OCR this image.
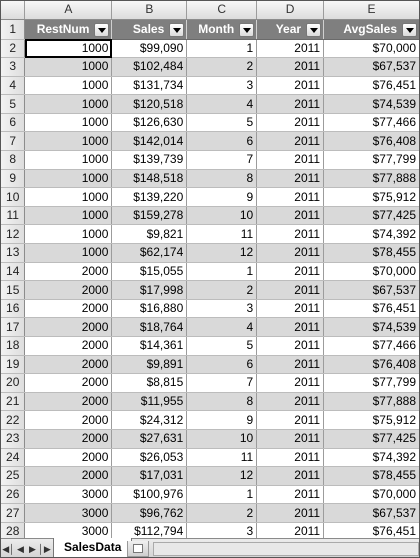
	A	B	C	D	E
1	RestNum	Sales	Month	Year	AvgSales

2	1000	$99,090	1	2011	$70,000
3	1000	$102,484	2	2011	$67,537
4	1000	$131,734	3	2011	$76,451
5	1000	$120,518	4	2011	$74,539
6	1000	$126,630	5	2011	$77,466
7	1000	$142,014	6	2011	$76,408
8	1000	$139,739	7	2011	$77,799
9	1000	$148,518	8	2011	$77,888
10	1000	$139,220	9	2011	$75,912
11	1000	$159,278	10	2011	$77,425
12	1000	$9,821	11	2011	$74,392
13	1000	$62,174	12	2011	$78,455
14	2000	$15,055	1	2011	$70,000
15	2000	$17,998	2	2011	$67,537
16	2000	$16,880	3	2011	$76,451
17	2000	$18,764	4	2011	$74,539
18	2000	$14,361	5	2011	$77,466
19	2000	$9,891	6	2011	$76,408
20	2000	$8,815	7	2011	$77,799
21	2000	$11,955	8	2011	$77,888
22	2000	$24,312	9	2011	$75,912
23	2000	$27,631	10	2011	$77,425
24	2000	$26,053	11	2011	$74,392
25	2000	$17,031	12	2011	$78,455
26	3000	$100,976	1	2011	$70,000
27	3000	$96,762	2	2011	$67,537
28	3000	$112,794	3	2011	$76,451

◀│ ◀ ▶ │▶	SalesData
